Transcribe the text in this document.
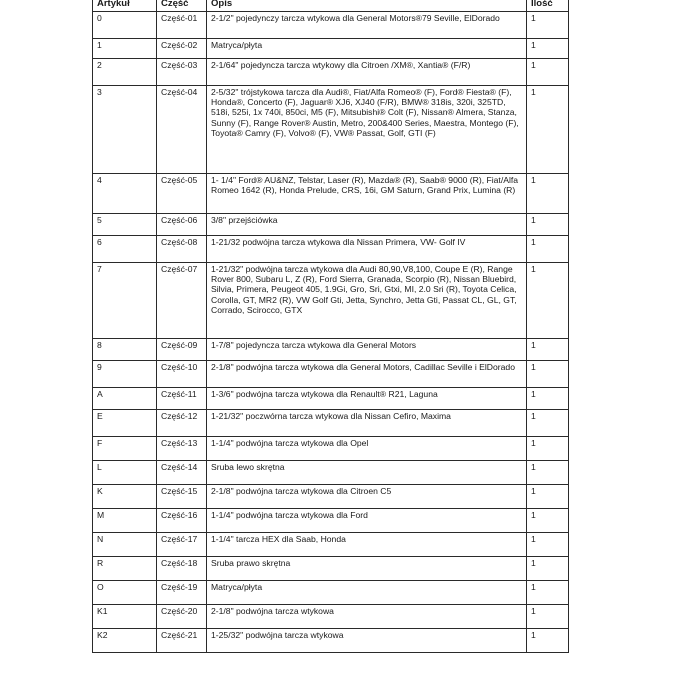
Artykuł	Część	Opis	Ilość
0	Część-01	2-1/2" pojedynczy tarcza wtykowa dla General Motors®79 Seville, ElDorado	1
1	Część-02	Matryca/płyta	1
2	Część-03	2-1/64" pojedyncza tarcza wtykowy dla Citroen /XM®, Xantia® (F/R)	1
3	Część-04	2-5/32" trójstykowa tarcza dla Audi®, Fiat/Alfa Romeo® (F), Ford® Fiesta® (F), Honda®, Concerto (F), Jaguar® XJ6, XJ40 (F/R), BMW® 318is, 320i, 325TD, 518i, 525i, 1x 740i, 850ci, M5 (F), Mitsubishi® Colt (F), Nissan® Almera, Stanza, Sunny (F), Range Rover® Austin, Metro, 200&400 Series, Maestra, Montego (F), Toyota® Camry (F), Volvo® (F), VW® Passat, Golf, GTI (F)	1
4	Część-05	1- 1/4" Ford® AU&NZ, Telstar, Laser (R), Mazda® (R), Saab® 9000 (R), Fiat/Alfa Romeo 1642 (R), Honda Prelude, CRS, 16i, GM Saturn, Grand Prix, Lumina (R)	1
5	Część-06	3/8" przejściówka	1
6	Część-08	1-21/32 podwójna tarcza wtykowa dla Nissan Primera, VW- Golf IV	1
7	Część-07	1-21/32" podwójna tarcza wtykowa dla Audi 80,90,V8,100, Coupe E (R), Range Rover 800, Subaru L, Z (R), Ford Sierra, Granada, Scorpio (R), Nissan Bluebird, Silvia, Primera, Peugeot 405, 1.9Gi, Gro, Sri, Gtxi, MI, 2.0 Sri (R), Toyota Celica, Corolla, GT, MR2 (R), VW Golf Gti, Jetta, Synchro, Jetta Gti, Passat CL, GL, GT, Corrado, Scirocco, GTX	1
8	Część-09	1-7/8" pojedyncza tarcza wtykowa dla General Motors	1
9	Część-10	2-1/8" podwójna tarcza wtykowa dla General Motors, Cadillac Seville i ElDorado	1
A	Część-11	1-3/6" podwójna tarcza wtykowa dla Renault® R21, Laguna	1
E	Część-12	1-21/32" poczwórna tarcza wtykowa dla Nissan Cefiro, Maxima	1
F	Część-13	1-1/4" podwójna tarcza wtykowa dla Opel	1
L	Część-14	Sruba lewo skrętna	1
K	Część-15	2-1/8" podwójna tarcza wtykowa dla Citroen C5	1
M	Część-16	1-1/4" podwójna tarcza wtykowa dla Ford	1
N	Część-17	1-1/4" tarcza HEX dla Saab, Honda	1
R	Część-18	Sruba prawo skrętna	1
O	Część-19	Matryca/płyta	1
K1	Część-20	2-1/8" podwójna tarcza wtykowa	1
K2	Część-21	1-25/32" podwójna tarcza wtykowa	1
